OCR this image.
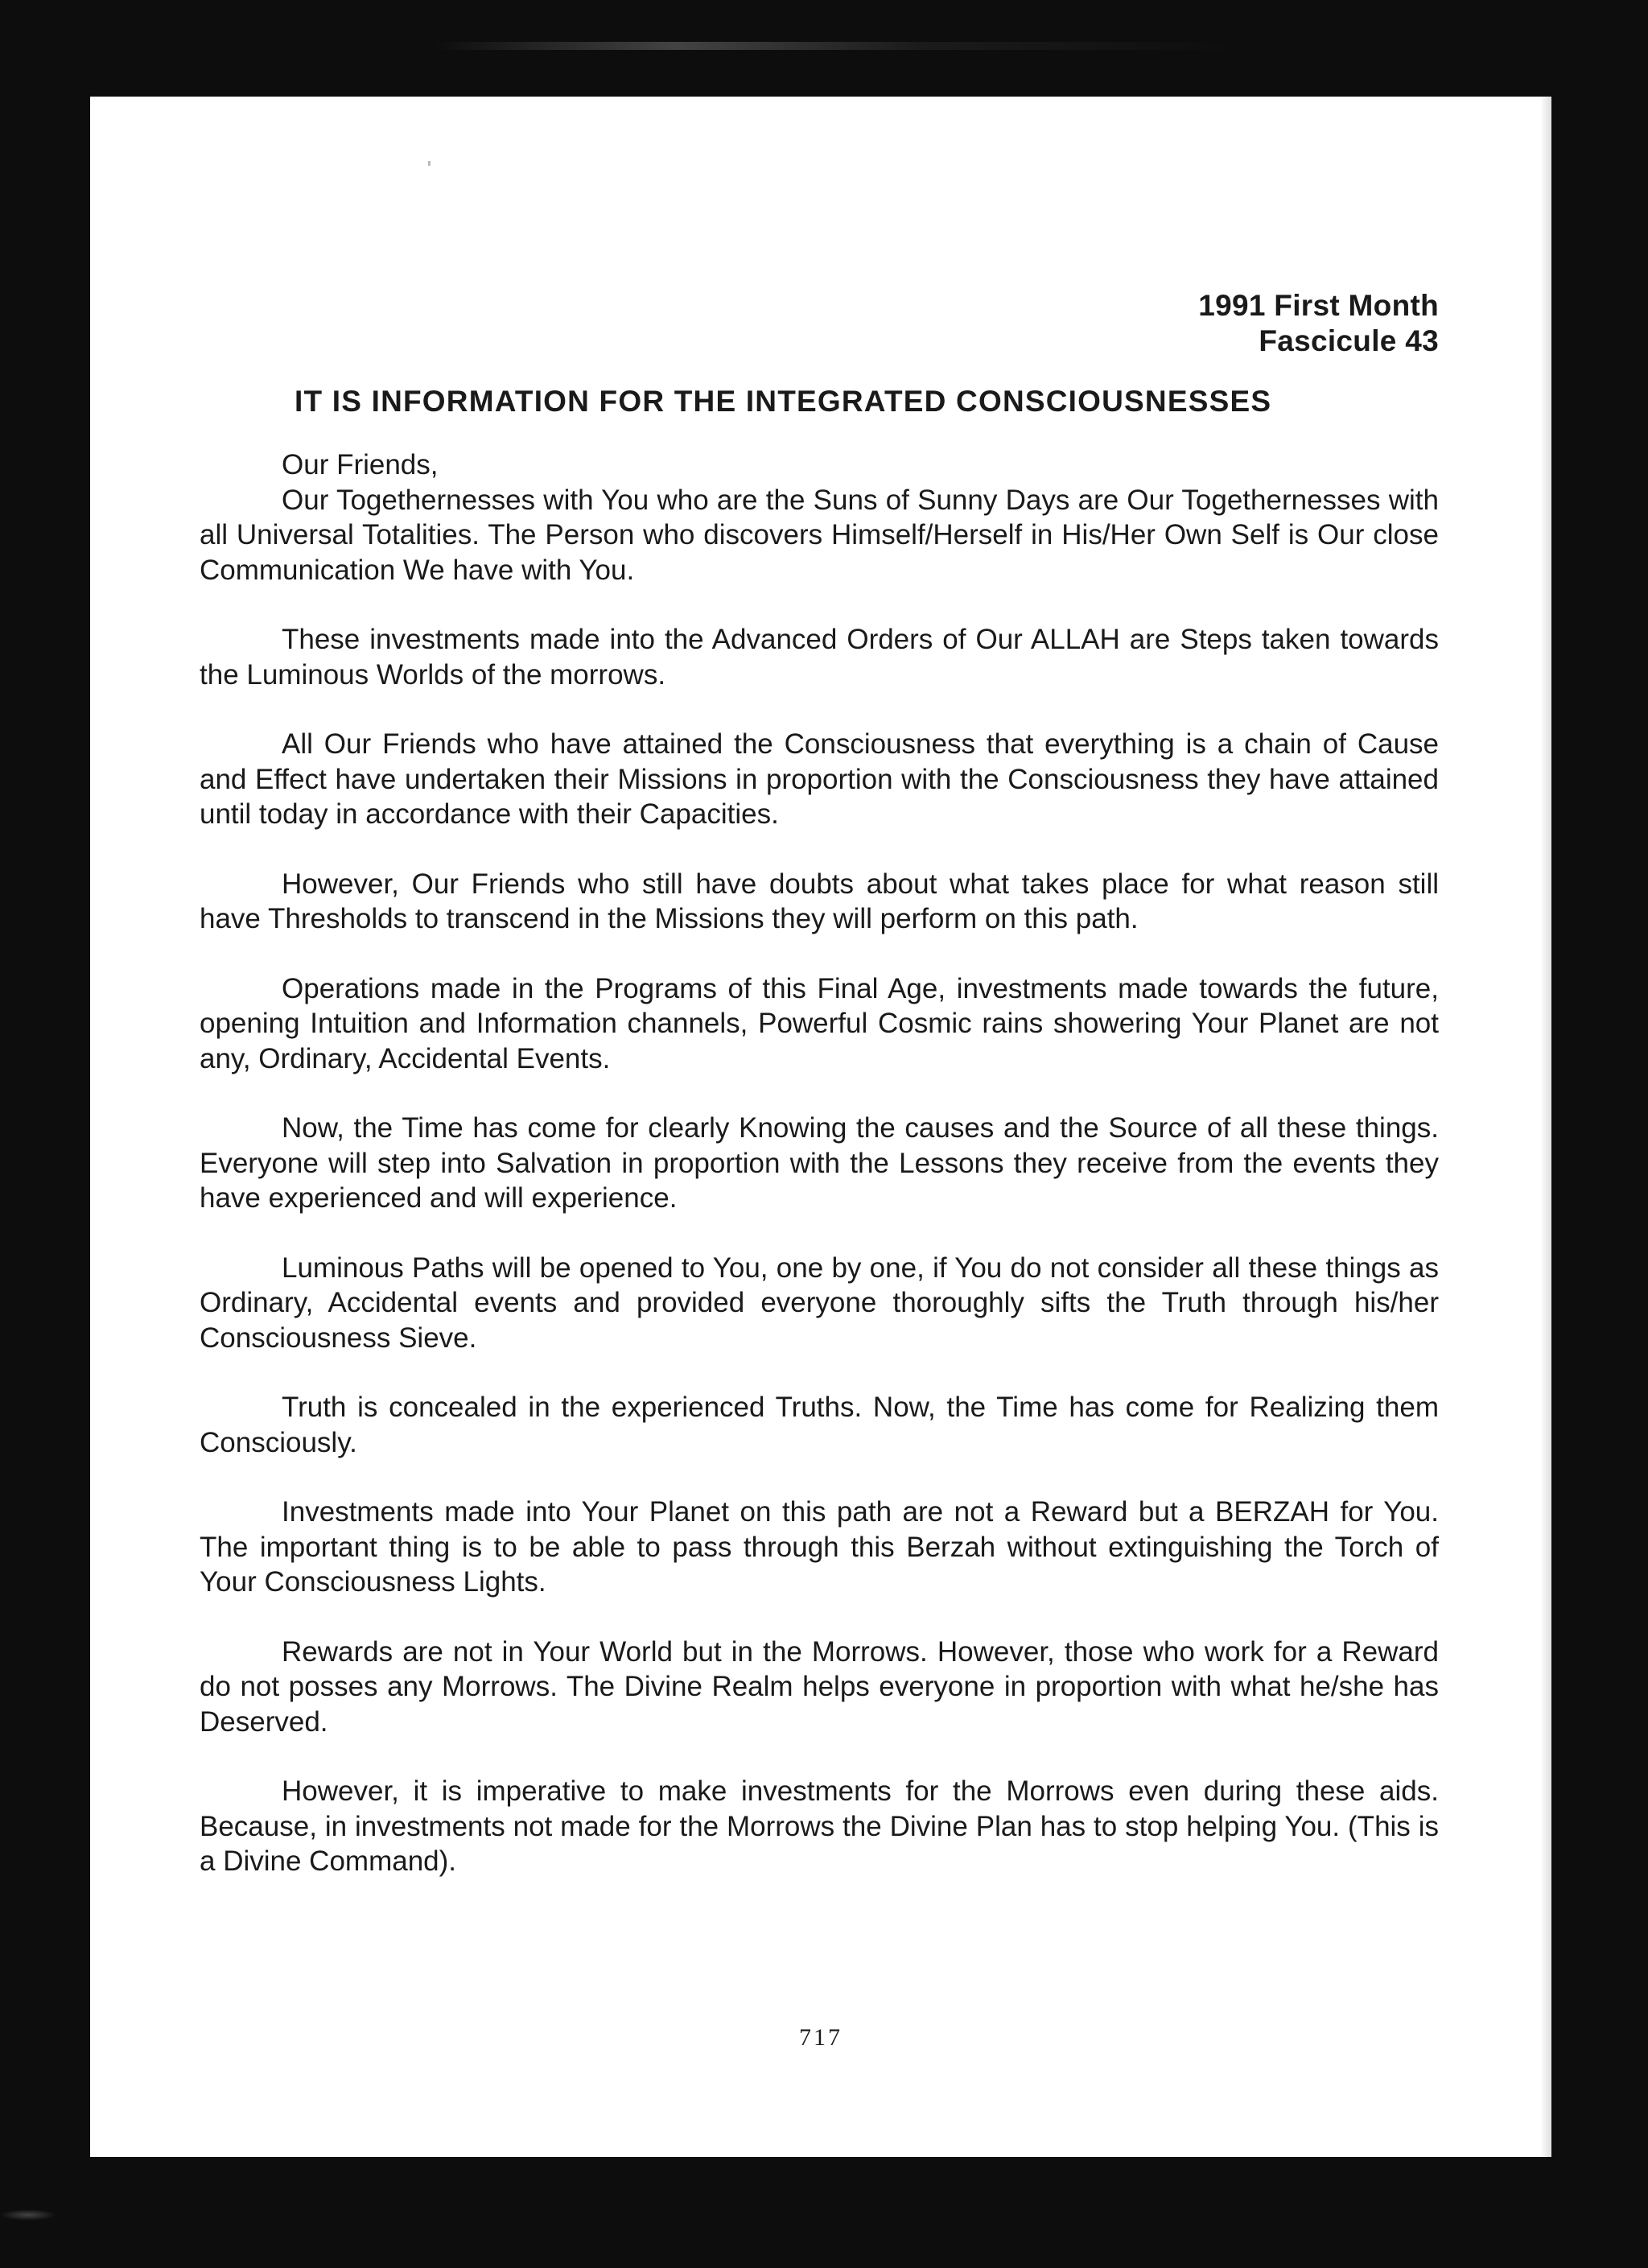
1991 First Month
Fascicule 43
IT IS INFORMATION FOR THE INTEGRATED CONSCIOUSNESSES

Our Friends,

Our Togethernesses with You who are the Suns of Sunny Days are Our Togethernesses with all Universal Totalities. The Person who discovers Himself/Herself in His/Her Own Self is Our close Communication We have with You.

These investments made into the Advanced Orders of Our ALLAH are Steps taken towards the Luminous Worlds of the morrows.

All Our Friends who have attained the Consciousness that everything is a chain of Cause and Effect have undertaken their Missions in proportion with the Consciousness they have attained until today in accordance with their Capacities.

However, Our Friends who still have doubts about what takes place for what reason still have Thresholds to transcend in the Missions they will perform on this path.

Operations made in the Programs of this Final Age, investments made towards the future, opening Intuition and Information channels, Powerful Cosmic rains showering Your Planet are not any, Ordinary, Accidental Events.

Now, the Time has come for clearly Knowing the causes and the Source of all these things. Everyone will step into Salvation in proportion with the Lessons they receive from the events they have experienced and will experience.

Luminous Paths will be opened to You, one by one, if You do not consider all these things as Ordinary, Accidental events and provided everyone thoroughly sifts the Truth through his/her Consciousness Sieve.

Truth is concealed in the experienced Truths. Now, the Time has come for Realizing them Consciously.

Investments made into Your Planet on this path are not a Reward but a BERZAH for You. The important thing is to be able to pass through this Berzah without extinguishing the Torch of Your Consciousness Lights.

Rewards are not in Your World but in the Morrows. However, those who work for a Reward do not posses any Morrows. The Divine Realm helps everyone in proportion with what he/she has Deserved.

However, it is imperative to make investments for the Morrows even during these aids. Because, in investments not made for the Morrows the Divine Plan has to stop helping You. (This is a Divine Command).

717
